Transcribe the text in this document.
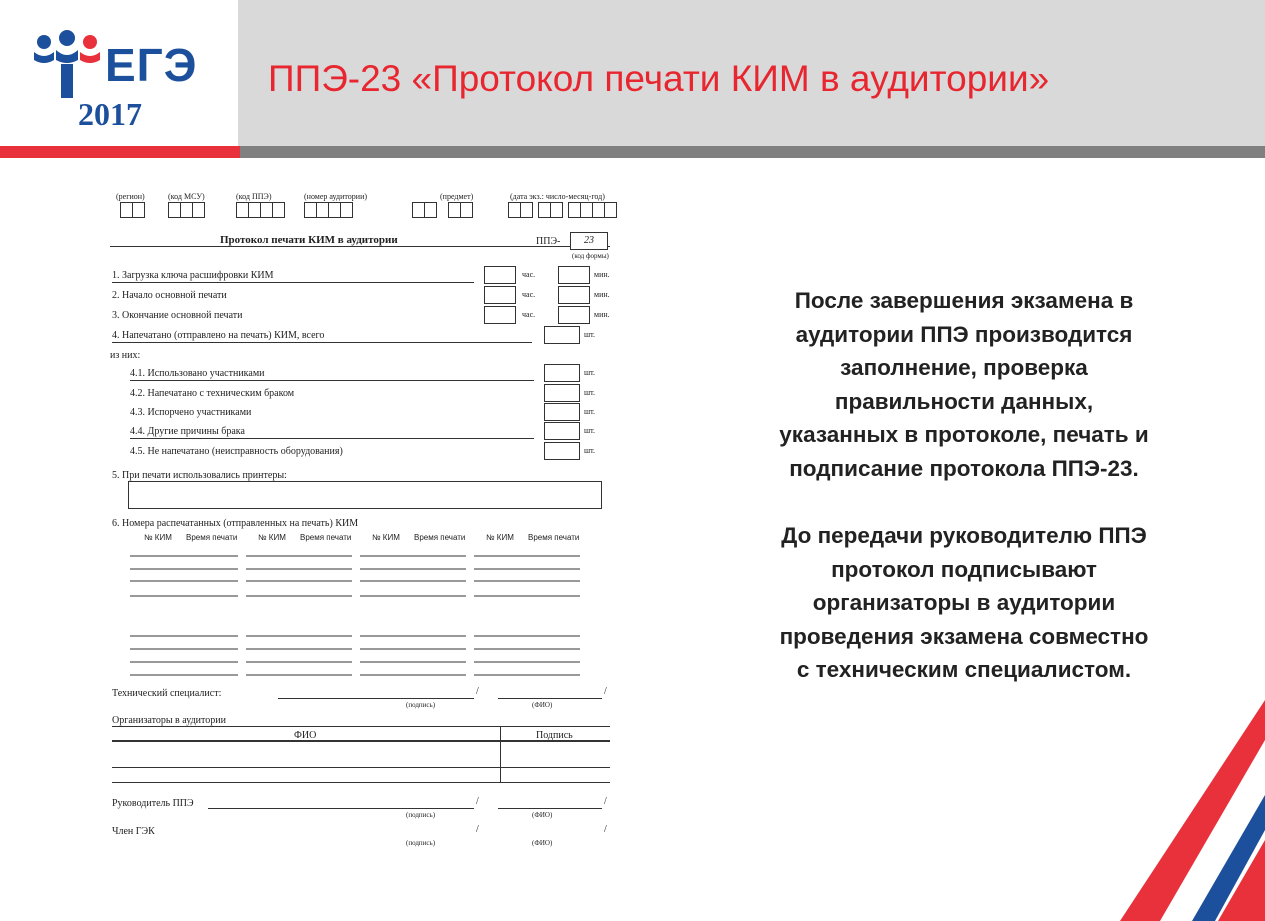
ЕГЭ
2017
ППЭ-23 «Протокол печати КИМ в аудитории»
(регион)	(код МСУ)	(код ППЭ)	(номер аудитории)	(предмет)	(дата экз.: число-месяц-год)
Протокол печати КИМ в аудитории	ППЭ- 23
(код формы)
1. Загрузка ключа расшифровки КИМ	час.	мин.
2. Начало основной печати	час.	мин.
3. Окончание основной печати	час.	мин.
4. Напечатано (отправлено на печать) КИМ, всего	шт.
из них:
4.1. Использовано участниками	шт.
4.2. Напечатано с техническим браком	шт.
4.3. Испорчено участниками	шт.
4.4. Другие причины брака	шт.
4.5. Не напечатано (неисправность оборудования)	шт.
5. При печати использовались принтеры:
6. Номера распечатанных (отправленных на печать) КИМ
№ КИМ Время печати	№ КИМ Время печати	№ КИМ Время печати	№ КИМ Время печати
Технический специалист:	/	/
(подпись)	(ФИО)
Организаторы в аудитории
ФИО	Подпись
Руководитель ППЭ	/	/
(подпись)	(ФИО)
Член ГЭК	/	/
(подпись)	(ФИО)
После завершения экзамена в
аудитории ППЭ производится
заполнение, проверка
правильности данных,
указанных в протоколе, печать и
подписание протокола ППЭ-23.
До передачи руководителю ППЭ
протокол подписывают
организаторы в аудитории
проведения экзамена совместно
с техническим специалистом.
